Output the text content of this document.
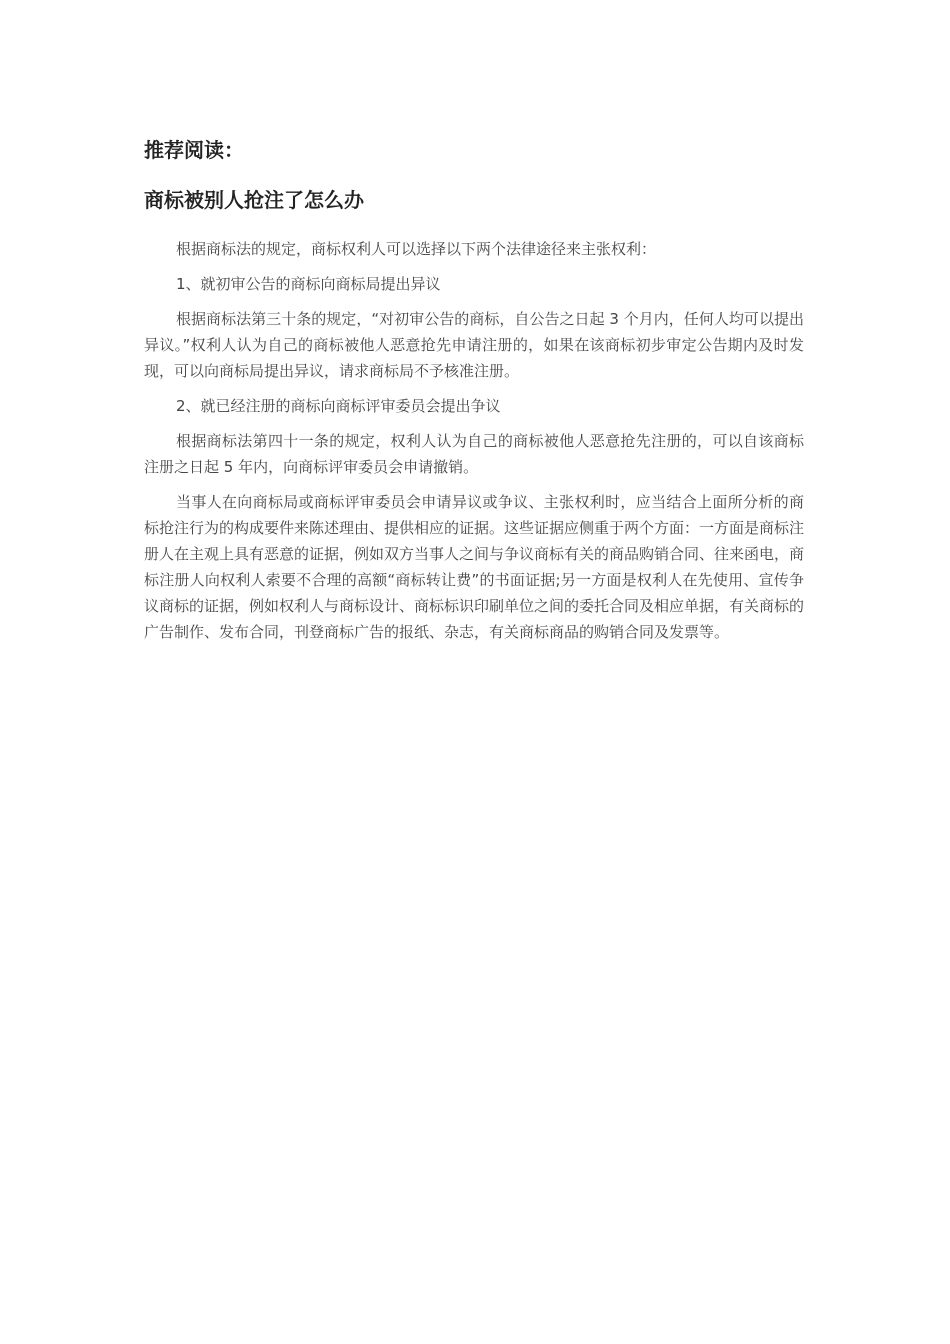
推荐阅读：
商标被别人抢注了怎么办

根据商标法的规定，商标权利人可以选择以下两个法律途径来主张权利：

1、就初审公告的商标向商标局提出异议

根据商标法第三十条的规定，“对初审公告的商标，自公告之日起 3 个月内，任何人均可以提出异议。”权利人认为自己的商标被他人恶意抢先申请注册的，如果在该商标初步审定公告期内及时发现，可以向商标局提出异议，请求商标局不予核准注册。

2、就已经注册的商标向商标评审委员会提出争议

根据商标法第四十一条的规定，权利人认为自己的商标被他人恶意抢先注册的，可以自该商标注册之日起 5 年内，向商标评审委员会申请撤销。

当事人在向商标局或商标评审委员会申请异议或争议、主张权利时，应当结合上面所分析的商标抢注行为的构成要件来陈述理由、提供相应的证据。这些证据应侧重于两个方面：一方面是商标注册人在主观上具有恶意的证据，例如双方当事人之间与争议商标有关的商品购销合同、往来函电，商标注册人向权利人索要不合理的高额“商标转让费”的书面证据;另一方面是权利人在先使用、宣传争议商标的证据，例如权利人与商标设计、商标标识印刷单位之间的委托合同及相应单据，有关商标的广告制作、发布合同，刊登商标广告的报纸、杂志，有关商标商品的购销合同及发票等。
